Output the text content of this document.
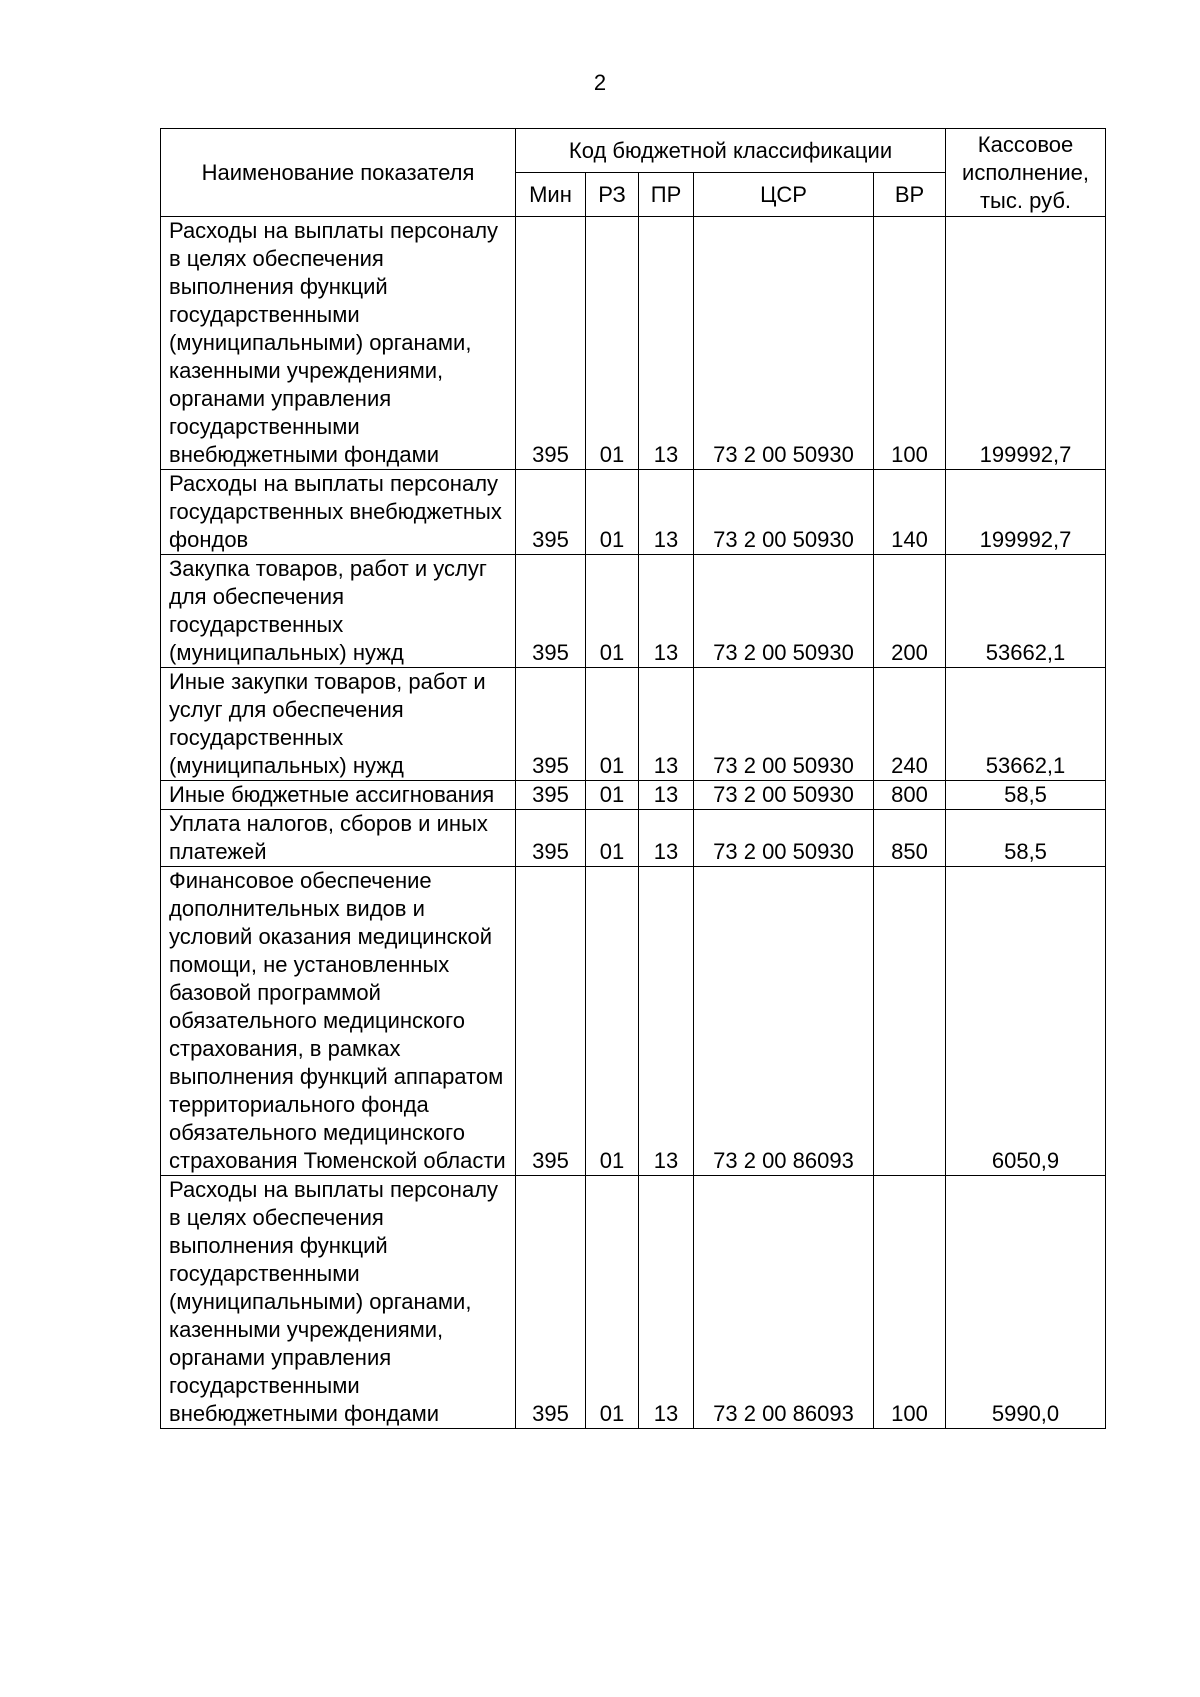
2
Наименование показателя	Код бюджетной классификации					Кассовое исполнение, тыс. руб.
	Мин	РЗ	ПР	ЦСР	ВР	
Расходы на выплаты персоналу в целях обеспечения выполнения функций государственными (муниципальными) органами, казенными учреждениями, органами управления государственными внебюджетными фондами	395	01	13	73 2 00 50930	100	199992,7
Расходы на выплаты персоналу государственных внебюджетных фондов	395	01	13	73 2 00 50930	140	199992,7
Закупка товаров, работ и услуг для обеспечения государственных (муниципальных) нужд	395	01	13	73 2 00 50930	200	53662,1
Иные закупки товаров, работ и услуг для обеспечения государственных (муниципальных) нужд	395	01	13	73 2 00 50930	240	53662,1
Иные бюджетные ассигнования	395	01	13	73 2 00 50930	800	58,5
Уплата налогов, сборов и иных платежей	395	01	13	73 2 00 50930	850	58,5
Финансовое обеспечение дополнительных видов и условий оказания медицинской помощи, не установленных базовой программой обязательного медицинского страхования, в рамках выполнения функций аппаратом территориального фонда обязательного медицинского страхования Тюменской области	395	01	13	73 2 00 86093		6050,9
Расходы на выплаты персоналу в целях обеспечения выполнения функций государственными (муниципальными) органами, казенными учреждениями, органами управления государственными внебюджетными фондами	395	01	13	73 2 00 86093	100	5990,0
